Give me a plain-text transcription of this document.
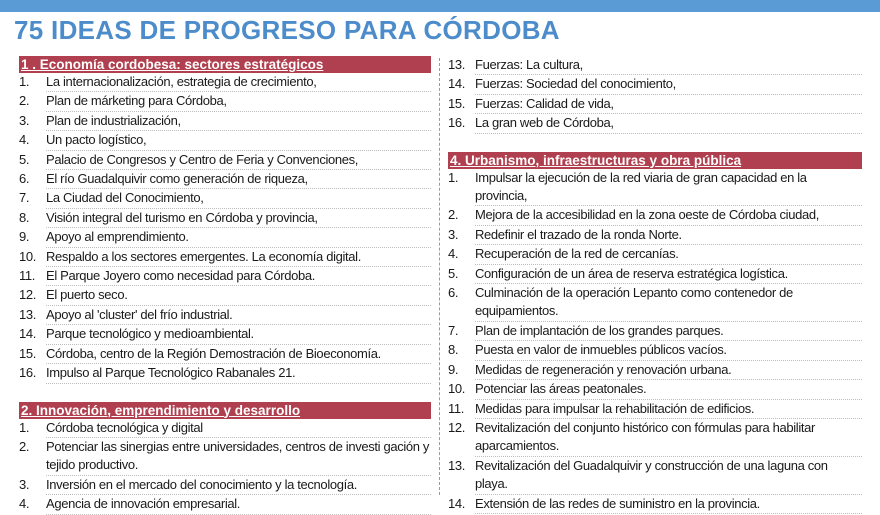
75 IDEAS DE PROGRESO PARA CÓRDOBA
1 . Economía cordobesa: sectores estratégicos
1.	La internacionalización, estrategia de crecimiento,
2.	Plan de márketing para Córdoba,
3.	Plan de industrialización,
4.	Un pacto logístico,
5.	Palacio de Congresos y Centro de Feria y Convenciones,
6.	El río Guadalquivir como generación de riqueza,
7.	La Ciudad del Conocimiento,
8.	Visión integral del turismo en Córdoba y provincia,
9.	Apoyo al emprendimiento.
10. Respaldo a los sectores emergentes. La economía digital.
11. El Parque Joyero como necesidad para Córdoba.
12. El puerto seco.
13. Apoyo al 'cluster' del frío industrial.
14. Parque tecnológico y medioambiental.
15. Córdoba, centro de la Región Demostración de Bioeconomía.
16. Impulso al Parque Tecnológico Rabanales 21.
2. Innovación, emprendimiento y desarrollo
1.	Córdoba tecnológica y digital
2.	Potenciar las sinergias entre universidades, centros de investi gación y tejido productivo.
3.	Inversión en el mercado del conocimiento y la tecnología.
4.	Agencia de innovación empresarial.
13. Fuerzas: La cultura,
14. Fuerzas: Sociedad del conocimiento,
15. Fuerzas: Calidad de vida,
16. La gran web de Córdoba,
4. Urbanismo, infraestructuras y obra pública
1.	Impulsar la ejecución de la red viaria de gran capacidad en la provincia,
2.	Mejora de la accesibilidad en la zona oeste de Córdoba ciudad,
3.	Redefinir el trazado de la ronda Norte.
4.	Recuperación de la red de cercanías.
5.	Configuración de un área de reserva estratégica logística.
6.	Culminación de la operación Lepanto como contenedor de equipamientos.
7.	Plan de implantación de los grandes parques.
8.	Puesta en valor de inmuebles públicos vacíos.
9.	Medidas de regeneración y renovación urbana.
10. Potenciar las áreas peatonales.
11. Medidas para impulsar la rehabilitación de edificios.
12. Revitalización del conjunto histórico con fórmulas para habilitar aparcamientos.
13. Revitalización del Guadalquivir y construcción de una laguna con playa.
14. Extensión de las redes de suministro en la provincia.
